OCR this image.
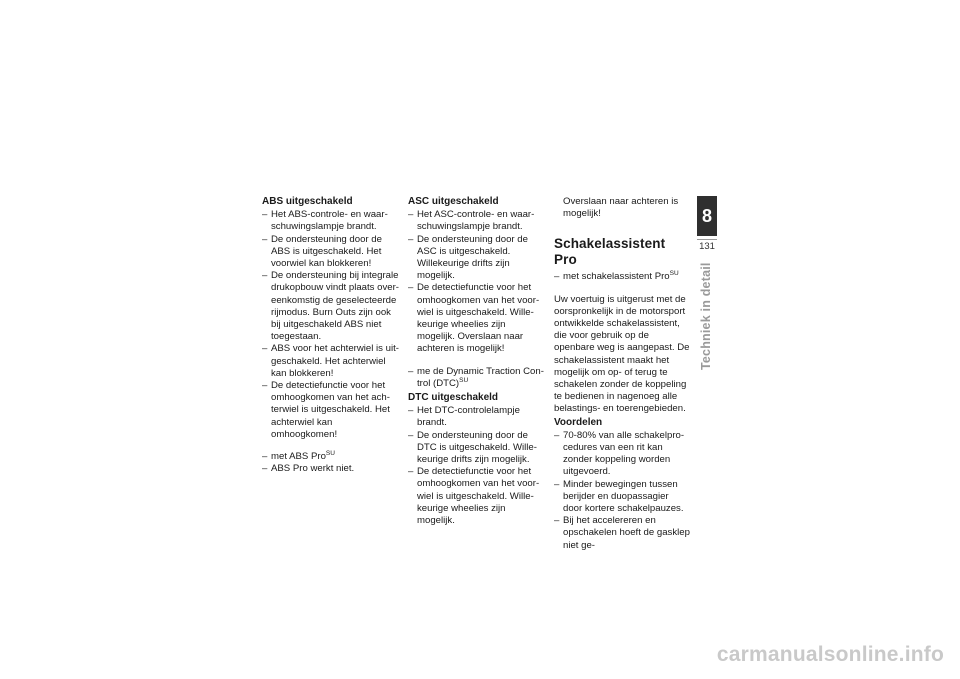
ABS uitgeschakeld
– Het ABS-controle- en waarschuwingslampje brandt.
– De ondersteuning door de ABS is uitgeschakeld. Het voorwiel kan blokkeren!
– De ondersteuning bij integrale drukopbouw vindt plaats overeenkomstig de geselecteerde rijmodus. Burn Outs zijn ook bij uitgeschakeld ABS niet toegestaan.
– ABS voor het achterwiel is uitgeschakeld. Het achterwiel kan blokkeren!
– De detectiefunctie voor het omhoogkomen van het achterwiel is uitgeschakeld. Het achterwiel kan omhoogkomen!
– met ABS Pro$^{SU}$
– ABS Pro werkt niet.
ASC uitgeschakeld
– Het ASC-controle- en waarschuwingslampje brandt.
– De ondersteuning door de ASC is uitgeschakeld. Willekeurige drifts zijn mogelijk.
– De detectiefunctie voor het omhoogkomen van het voorwiel is uitgeschakeld. Willekeurige wheelies zijn mogelijk. Overslaan naar achteren is mogelijk!
– me de Dynamic Traction Control (DTC)$^{SU}$
DTC uitgeschakeld
– Het DTC-controlelampje brandt.
– De ondersteuning door de DTC is uitgeschakeld. Willekeurige drifts zijn mogelijk.
– De detectiefunctie voor het omhoogkomen van het voorwiel is uitgeschakeld. Willekeurige wheelies zijn mogelijk.
Overslaan naar achteren is mogelijk!
Schakelassistent Pro
– met schakelassistent Pro$^{SU}$
Uw voertuig is uitgerust met de oorspronkelijk in de motorsport ontwikkelde schakelassistent, die voor gebruik op de openbare weg is aangepast. De schakelassistent maakt het mogelijk om op- of terug te schakelen zonder de koppeling te bedienen in nagenoeg alle belastings- en toerengebieden.
Voordelen
– 70-80% van alle schakelprocedures van een rit kan zonder koppeling worden uitgevoerd.
– Minder bewegingen tussen berijder en duopassagier door kortere schakelpauzes.
– Bij het accelereren en opschakelen hoeft de gasklep niet ge-
8
131
Techniek in detail
carmanualsonline.info
